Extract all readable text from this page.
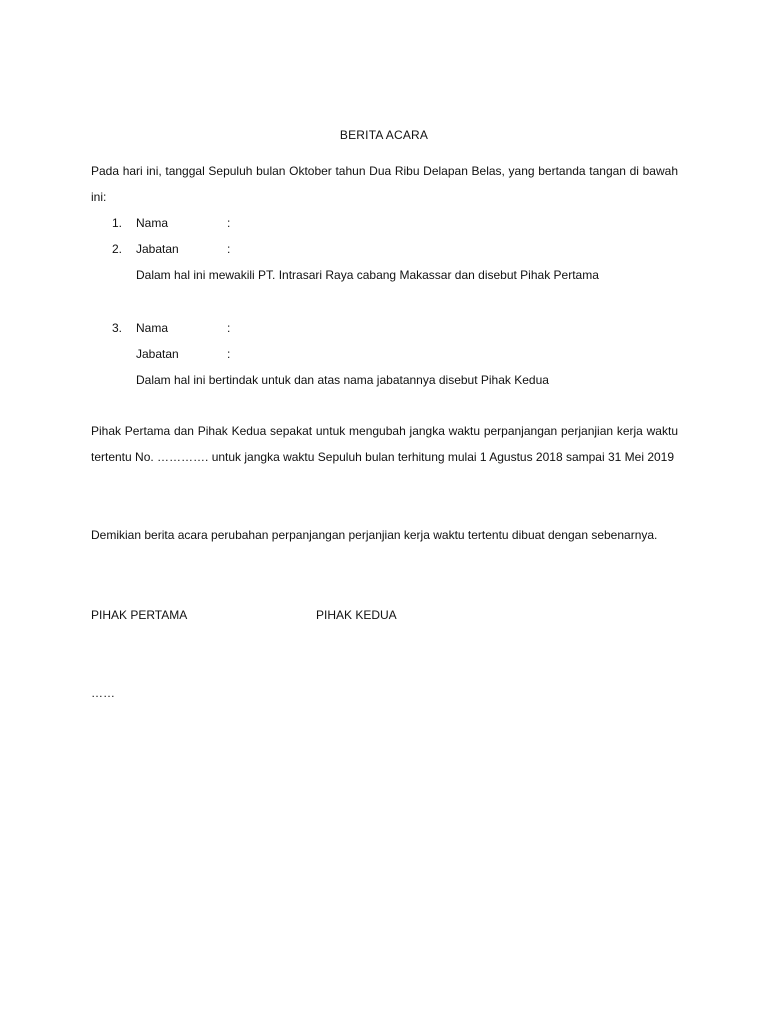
BERITA ACARA
Pada hari ini, tanggal Sepuluh bulan Oktober tahun Dua Ribu Delapan Belas, yang bertanda tangan di bawah ini:
1. Nama	:
2. Jabatan	:
Dalam hal ini mewakili PT. Intrasari Raya cabang Makassar dan disebut Pihak Pertama
3. Nama	:
Jabatan	:
Dalam hal ini bertindak untuk dan atas nama jabatannya disebut Pihak Kedua
Pihak Pertama dan Pihak Kedua sepakat untuk mengubah jangka waktu perpanjangan perjanjian kerja waktu tertentu No. …………. untuk jangka waktu Sepuluh bulan terhitung mulai 1 Agustus 2018 sampai 31 Mei 2019
Demikian berita acara perubahan perpanjangan perjanjian kerja waktu tertentu dibuat dengan sebenarnya.
PIHAK PERTAMA	PIHAK KEDUA
……
